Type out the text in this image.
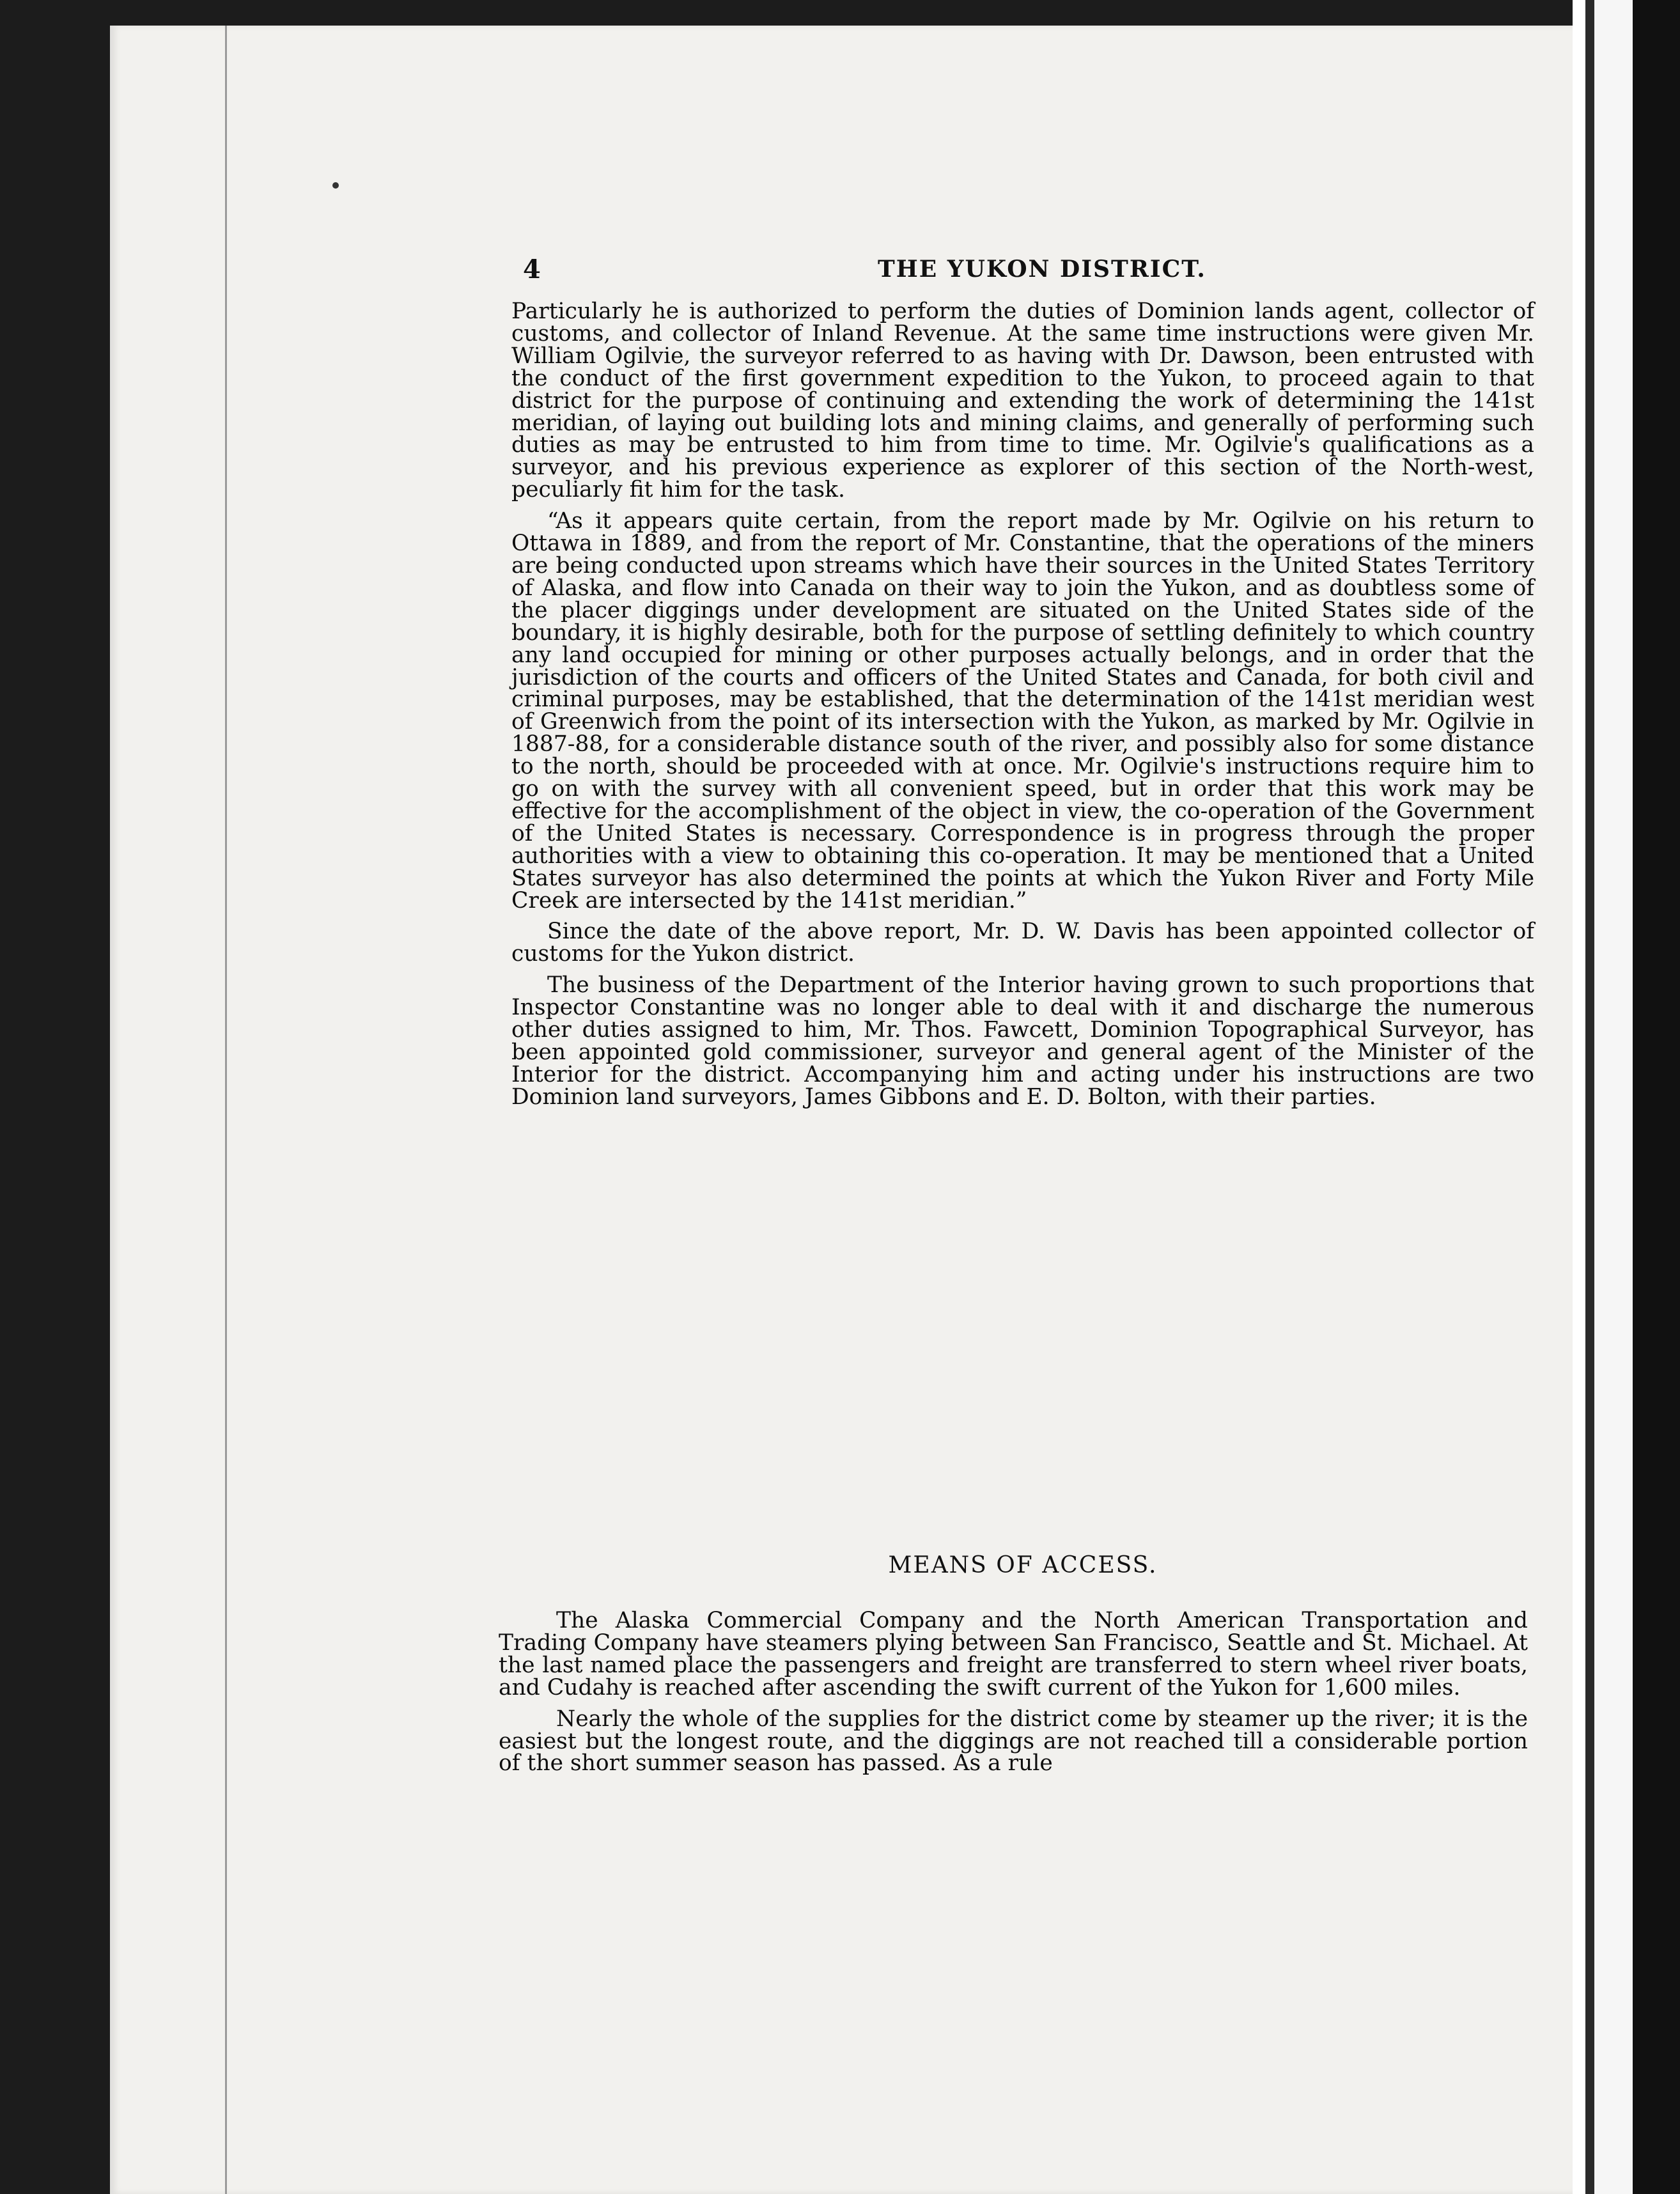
4	THE YUKON DISTRICT.

Particularly he is authorized to perform the duties of Dominion lands agent, collector of customs, and collector of Inland Revenue. At the same time instructions were given Mr. William Ogilvie, the surveyor referred to as having with Dr. Dawson, been entrusted with the conduct of the first government expedition to the Yukon, to proceed again to that district for the purpose of continuing and extending the work of determining the 141st meridian, of laying out building lots and mining claims, and generally of performing such duties as may be entrusted to him from time to time. Mr. Ogilvie's qualifications as a surveyor, and his previous experience as explorer of this section of the North-west, peculiarly fit him for the task.

“As it appears quite certain, from the report made by Mr. Ogilvie on his return to Ottawa in 1889, and from the report of Mr. Constantine, that the operations of the miners are being conducted upon streams which have their sources in the United States Territory of Alaska, and flow into Canada on their way to join the Yukon, and as doubtless some of the placer diggings under development are situated on the United States side of the boundary, it is highly desirable, both for the purpose of settling definitely to which country any land occupied for mining or other purposes actually belongs, and in order that the jurisdiction of the courts and officers of the United States and Canada, for both civil and criminal purposes, may be established, that the determination of the 141st meridian west of Greenwich from the point of its intersection with the Yukon, as marked by Mr. Ogilvie in 1887-88, for a considerable distance south of the river, and possibly also for some distance to the north, should be proceeded with at once. Mr. Ogilvie's instructions require him to go on with the survey with all convenient speed, but in order that this work may be effective for the accomplishment of the object in view, the co-operation of the Government of the United States is necessary. Correspondence is in progress through the proper authorities with a view to obtaining this co-operation. It may be mentioned that a United States surveyor has also determined the points at which the Yukon River and Forty Mile Creek are intersected by the 141st meridian.”

Since the date of the above report, Mr. D. W. Davis has been appointed collector of customs for the Yukon district.

The business of the Department of the Interior having grown to such proportions that Inspector Constantine was no longer able to deal with it and discharge the numerous other duties assigned to him, Mr. Thos. Fawcett, Dominion Topographical Surveyor, has been appointed gold commissioner, surveyor and general agent of the Minister of the Interior for the district. Accompanying him and acting under his instructions are two Dominion land surveyors, James Gibbons and E. D. Bolton, with their parties.

MEANS OF ACCESS.

The Alaska Commercial Company and the North American Transportation and Trading Company have steamers plying between San Francisco, Seattle and St. Michael. At the last named place the passengers and freight are transferred to stern wheel river boats, and Cudahy is reached after ascending the swift current of the Yukon for 1,600 miles.

Nearly the whole of the supplies for the district come by steamer up the river; it is the easiest but the longest route, and the diggings are not reached till a considerable portion of the short summer season has passed. As a rule
